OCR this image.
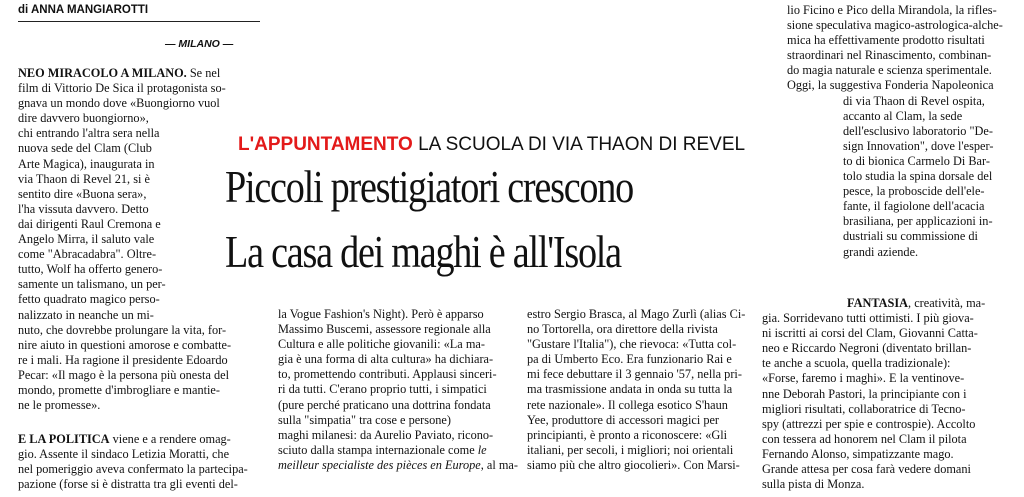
di ANNA MANGIAROTTI
— MILANO —

NEO MIRACOLO A MILANO. Se nel

film di Vittorio De Sica il protagonista so-

gnava un mondo dove «Buongiorno vuol

dire davvero buongiorno»,

chi entrando l'altra sera nella

nuova sede del Clam (Club

Arte Magica), inaugurata in

via Thaon di Revel 21, si è

sentito dire «Buona sera»,

l'ha vissuta davvero. Detto

dai dirigenti Raul Cremona e

Angelo Mirra, il saluto vale

come "Abracadabra". Oltre-

tutto, Wolf ha offerto genero-

samente un talismano, un per-

fetto quadrato magico perso-

nalizzato in neanche un mi-

nuto, che dovrebbe prolungare la vita, for-

nire aiuto in questioni amorose e combatte-

re i mali. Ha ragione il presidente Edoardo

Pecar: «Il mago è la persona più onesta del

mondo, promette d'imbrogliare e mantie-

ne le promesse».

E LA POLITICA viene e a rendere omag-

gio. Assente il sindaco Letizia Moratti, che

nel pomeriggio aveva confermato la partecipa-

pazione (forse si è distratta tra gli eventi del-

L'APPUNTAMENTO LA SCUOLA DI VIA THAON DI REVEL
Piccoli prestigiatori crescono
La casa dei maghi è all'Isola

la Vogue Fashion's Night). Però è apparso

Massimo Buscemi, assessore regionale alla

Cultura e alle politiche giovanili: «La ma-

gia è una forma di alta cultura» ha dichiara-

to, promettendo contributi. Applausi sinceri-

ri da tutti. C'erano proprio tutti, i simpatici

(pure perché praticano una dottrina fondata

sulla "simpatia" tra cose e persone)

maghi milanesi: da Aurelio Paviato, ricono-

sciuto dalla stampa internazionale come le

meilleur specialiste des pièces en Europe, al ma-

estro Sergio Brasca, al Mago Zurlì (alias Ci-

no Tortorella, ora direttore della rivista

"Gustare l'Italia"), che rievoca: «Tutta col-

pa di Umberto Eco. Era funzionario Rai e

mi fece debuttare il 3 gennaio '57, nella pri-

ma trasmissione andata in onda su tutta la

rete nazionale». Il collega esotico S'haun

Yee, produttore di accessori magici per

principianti, è pronto a riconoscere: «Gli

italiani, per secoli, i migliori; noi orientali

siamo più che altro giocolieri». Con Marsi-

lio Ficino e Pico della Mirandola, la rifles-

sione speculativa magico-astrologica-alche-

mica ha effettivamente prodotto risultati

straordinari nel Rinascimento, combinan-

do magia naturale e scienza sperimentale.

Oggi, la suggestiva Fonderia Napoleonica

di via Thaon di Revel ospita,

accanto al Clam, la sede

dell'esclusivo laboratorio "De-

sign Innovation", dove l'esper-

to di bionica Carmelo Di Bar-

tolo studia la spina dorsale del

pesce, la proboscide dell'ele-

fante, il fagiolone dell'acacia

brasiliana, per applicazioni in-

dustriali su commissione di

grandi aziende.

FANTASIA, creatività, ma-

gia. Sorridevano tutti ottimisti. I più giova-

ni iscritti ai corsi del Clam, Giovanni Catta-

neo e Riccardo Negroni (diventato brillan-

te anche a scuola, quella tradizionale):

«Forse, faremo i maghi». E la ventinove-

nne Deborah Pastori, la principiante con i

migliori risultati, collaboratrice di Tecno-

spy (attrezzi per spie e controspie). Accolto

con tessera ad honorem nel Clam il pilota

Fernando Alonso, simpatizzante mago.

Grande attesa per cosa farà vedere domani

sulla pista di Monza.
